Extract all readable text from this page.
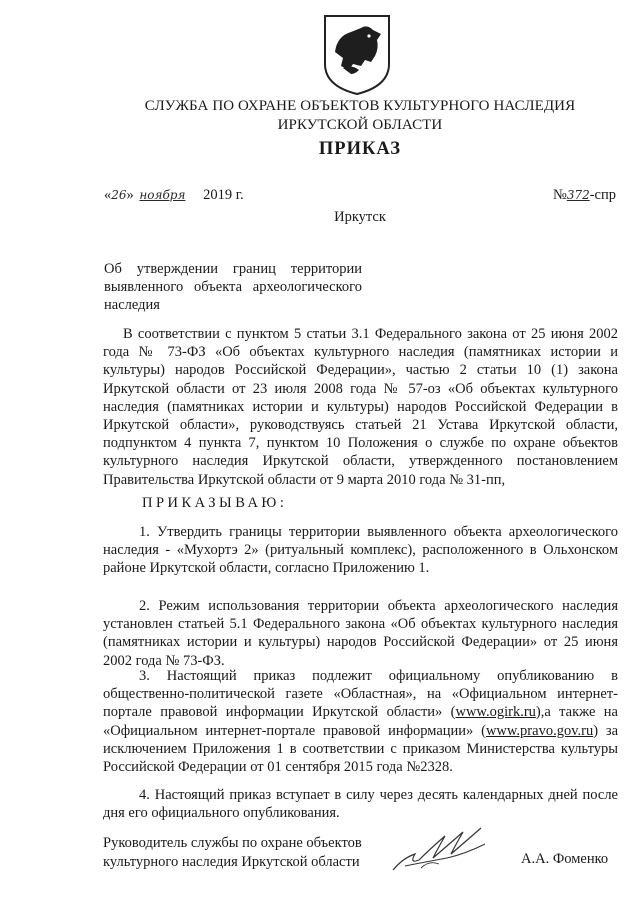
СЛУЖБА ПО ОХРАНЕ ОБЪЕКТОВ КУЛЬТУРНОГО НАСЛЕДИЯ
ИРКУТСКОЙ ОБЛАСТИ
ПРИКАЗ
«26» ноября 2019 г.	№372-спр
Иркутск
Об утверждении границ территории выявленного объекта археологического наследия
В соответствии с пунктом 5 статьи 3.1 Федерального закона от 25 июня 2002 года № 73-ФЗ «Об объектах культурного наследия (памятниках истории и культуры) народов Российской Федерации», частью 2 статьи 10 (1) закона Иркутской области от 23 июля 2008 года № 57-оз «Об объектах культурного наследия (памятниках истории и культуры) народов Российской Федерации в Иркутской области», руководствуясь статьей 21 Устава Иркутской области, подпунктом 4 пункта 7, пунктом 10 Положения о службе по охране объектов культурного наследия Иркутской области, утвержденного постановлением Правительства Иркутской области от 9 марта 2010 года № 31-пп,
ПРИКАЗЫВАЮ:
1. Утвердить границы территории выявленного объекта археологического наследия - «Мухортэ 2» (ритуальный комплекс), расположенного в Ольхонском районе Иркутской области, согласно Приложению 1.
2. Режим использования территории объекта археологического наследия установлен статьей 5.1 Федерального закона «Об объектах культурного наследия (памятниках истории и культуры) народов Российской Федерации» от 25 июня 2002 года № 73-ФЗ.
3. Настоящий приказ подлежит официальному опубликованию в общественно-политической газете «Областная», на «Официальном интернет-портале правовой информации Иркутской области» (www.ogirk.ru),а также на «Официальном интернет-портале правовой информации» (www.pravo.gov.ru) за исключением Приложения 1 в соответствии с приказом Министерства культуры Российской Федерации от 01 сентября 2015 года №2328.
4. Настоящий приказ вступает в силу через десять календарных дней после дня его официального опубликования.
Руководитель службы по охране объектов
культурного наследия Иркутской области	А.А. Фоменко
